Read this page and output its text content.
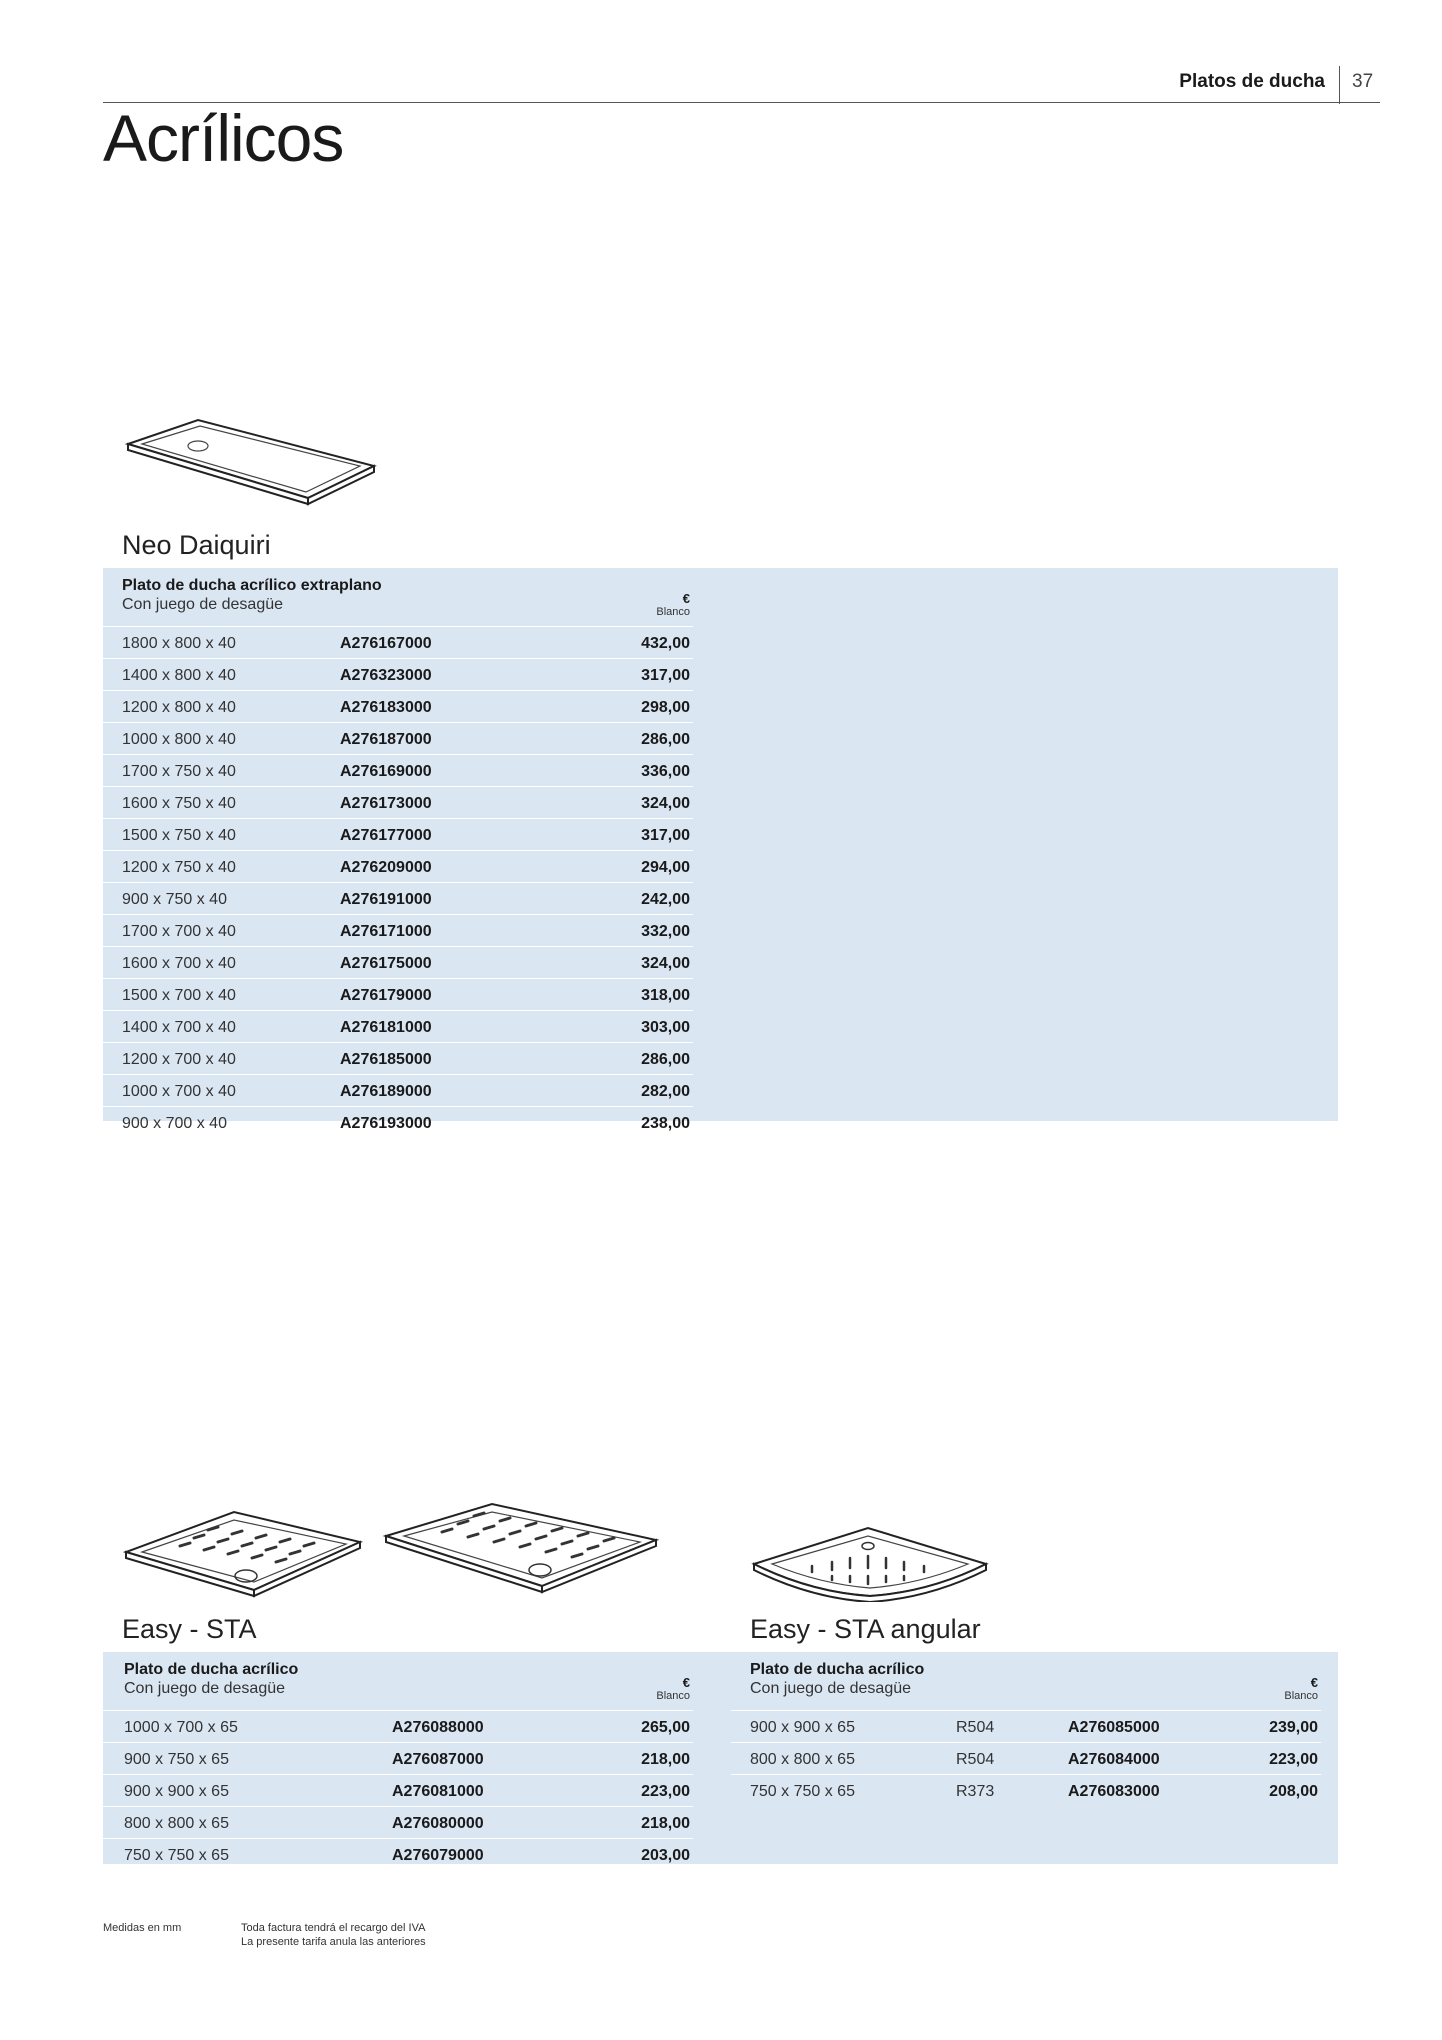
Platos de ducha 37
Acrílicos
Neo Daiquiri
Plato de ducha acrílico extraplano
Con juego de desagüe	€
Blanco
1800 x 800 x 40	A276167000	432,00
1400 x 800 x 40	A276323000	317,00
1200 x 800 x 40	A276183000	298,00
1000 x 800 x 40	A276187000	286,00
1700 x 750 x 40	A276169000	336,00
1600 x 750 x 40	A276173000	324,00
1500 x 750 x 40	A276177000	317,00
1200 x 750 x 40	A276209000	294,00
900 x 750 x 40	A276191000	242,00
1700 x 700 x 40	A276171000	332,00
1600 x 700 x 40	A276175000	324,00
1500 x 700 x 40	A276179000	318,00
1400 x 700 x 40	A276181000	303,00
1200 x 700 x 40	A276185000	286,00
1000 x 700 x 40	A276189000	282,00
900 x 700 x 40	A276193000	238,00
Easy - STA	Easy - STA angular
Plato de ducha acrílico
Con juego de desagüe	€
Blanco
1000 x 700 x 65	A276088000	265,00
900 x 750 x 65	A276087000	218,00
900 x 900 x 65	A276081000	223,00
800 x 800 x 65	A276080000	218,00
750 x 750 x 65	A276079000	203,00
Plato de ducha acrílico
Con juego de desagüe	€
Blanco
900 x 900 x 65	R504	A276085000	239,00
800 x 800 x 65	R504	A276084000	223,00
750 x 750 x 65	R373	A276083000	208,00
Medidas en mm	Toda factura tendrá el recargo del IVA
La presente tarifa anula las anteriores
